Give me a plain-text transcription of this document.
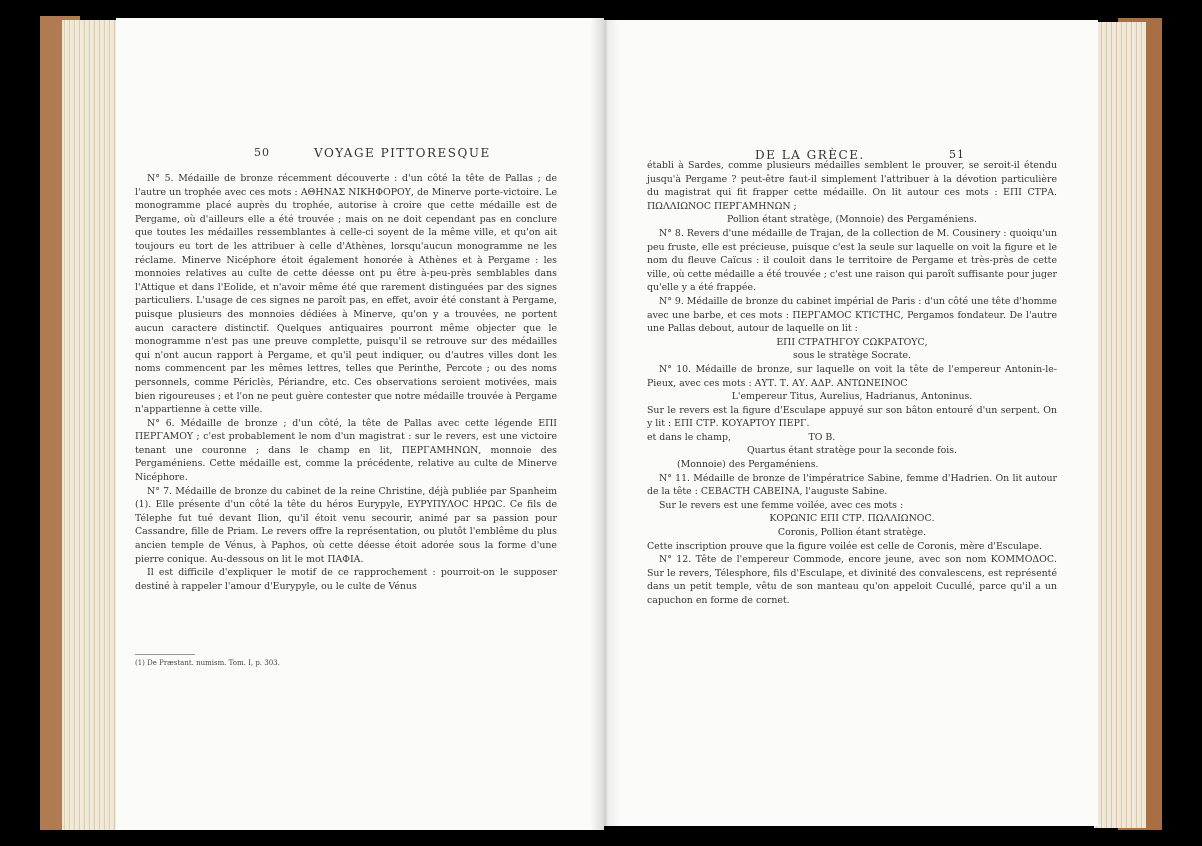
50	VOYAGE PITTORESQUE

N° 5. Médaille de bronze récemment découverte : d'un côté la tête de Pallas ; de l'autre un trophée avec ces mots : ΑΘΗΝΑΣ ΝΙΚΗΦΟΡΟΥ, de Minerve porte-victoire. Le monogramme placé auprès du trophée, autorise à croire que cette médaille est de Pergame, où d'ailleurs elle a été trouvée ; mais on ne doit cependant pas en conclure que toutes les médailles ressemblantes à celle-ci soyent de la même ville, et qu'on ait toujours eu tort de les attribuer à celle d'Athènes, lorsqu'aucun monogramme ne les réclame. Minerve Nicéphore étoit également honorée à Athènes et à Pergame : les monnoies relatives au culte de cette déesse ont pu être à-peu-près semblables dans l'Attique et dans l'Eolide, et n'avoir même été que rarement distinguées par des signes particuliers. L'usage de ces signes ne paroît pas, en effet, avoir été constant à Pergame, puisque plusieurs des monnoies dédiées à Minerve, qu'on y a trouvées, ne portent aucun caractere distinctif. Quelques antiquaires pourront même objecter que le monogramme n'est pas une preuve complette, puisqu'il se retrouve sur des médailles qui n'ont aucun rapport à Pergame, et qu'il peut indiquer, ou d'autres villes dont les noms commencent par les mêmes lettres, telles que Perinthe, Percote ; ou des noms personnels, comme Périclès, Périandre, etc. Ces observations seroient motivées, mais bien rigoureuses ; et l'on ne peut guère contester que notre médaille trouvée à Pergame n'appartienne à cette ville.

N° 6. Médaille de bronze ; d'un côté, la tête de Pallas avec cette légende ΕΠΙ ΠΕΡΓΑΜΟΥ ; c'est probablement le nom d'un magistrat : sur le revers, est une victoire tenant une couronne ; dans le champ en lit, ΠΕΡΓΑΜΗΝΩΝ, monnoie des Pergaméniens. Cette médaille est, comme la précédente, relative au culte de Minerve Nicéphore.

N° 7. Médaille de bronze du cabinet de la reine Christine, déjà publiée par Spanheim (1). Elle présente d'un côté la tête du héros Eurypyle, ΕΥΡΥΠΥΛΟϹ ΗΡΩϹ. Ce fils de Télephe fut tué devant Ilion, qu'il étoit venu secourir, animé par sa passion pour Cassandre, fille de Priam. Le revers offre la représentation, ou plutôt l'emblême du plus ancien temple de Vénus, à Paphos, où cette déesse étoit adorée sous la forme d'une pierre conique. Au-dessous on lit le mot ΠΑΦΙΑ.

Il est difficile d'expliquer le motif de ce rapprochement : pourroit-on le supposer destiné à rappeler l'amour d'Eurypyle, ou le culte de Vénus

(1) De Præstant. numism. Tom. I, p. 303.
DE LA GRÈCE.	51

établi à Sardes, comme plusieurs médailles semblent le prouver, se seroit-il étendu jusqu'à Pergame ? peut-être faut-il simplement l'attribuer à la dévotion particulière du magistrat qui fit frapper cette médaille. On lit autour ces mots : ΕΠΙ ϹΤΡΑ. ΠΩΛΛΙΩΝΟϹ ΠΕΡΓΑΜΗΝΩΝ ;

Pollion étant stratège, (Monnoie) des Pergaméniens.

N° 8. Revers d'une médaille de Trajan, de la collection de M. Cousinery : quoiqu'un peu fruste, elle est précieuse, puisque c'est la seule sur laquelle on voit la figure et le nom du fleuve Caïcus : il couloit dans le territoire de Pergame et très-près de cette ville, où cette médaille a été trouvée ; c'est une raison qui paroît suffisante pour juger qu'elle y a été frappée.

N° 9. Médaille de bronze du cabinet impérial de Paris : d'un côté une tête d'homme avec une barbe, et ces mots : ΠΕΡΓΑΜΟϹ ΚΤΙϹΤΗϹ, Pergamos fondateur. De l'autre une Pallas debout, autour de laquelle on lit :

ΕΠΙ ϹΤΡΑΤΗΓΟΥ ϹΩΚΡΑΤΟΥϹ,

sous le stratège Socrate.

N° 10. Médaille de bronze, sur laquelle on voit la tête de l'empereur Antonin-le-Pieux, avec ces mots : ΑΥΤ. Τ. ΑΥ. ΑΔΡ. ΑΝΤΩΝΕΙΝΟϹ

L'empereur Titus, Aurelius, Hadrianus, Antoninus.

Sur le revers est la figure d'Esculape appuyé sur son bâton entouré d'un serpent. On y lit : ΕΠΙ ϹΤΡ. ΚΟΥΑΡΤΟΥ ΠΕΡΓ.

et dans le champ,                          ΤΟ Β.

Quartus étant stratège pour la seconde fois.

(Monnoie) des Pergaméniens.

N° 11. Médaille de bronze de l'impératrice Sabine, femme d'Hadrien. On lit autour de la tête : ϹΕΒΑϹΤΗ ϹΑΒΕΙΝΑ, l'auguste Sabine.

Sur le revers est une femme voilée, avec ces mots :

ΚΟΡΩΝΙϹ ΕΠΙ ϹΤΡ. ΠΩΛΛΙΩΝΟϹ.

Coronis, Pollion étant stratège.

Cette inscription prouve que la figure voilée est celle de Coronis, mère d'Esculape.

N° 12. Tête de l'empereur Commode, encore jeune, avec son nom ΚΟΜΜΟΔΟϹ. Sur le revers, Télesphore, fils d'Esculape, et divinité des convalescens, est représenté dans un petit temple, vêtu de son manteau qu'on appeloit Cucullé, parce qu'il a un capuchon en forme de cornet.
